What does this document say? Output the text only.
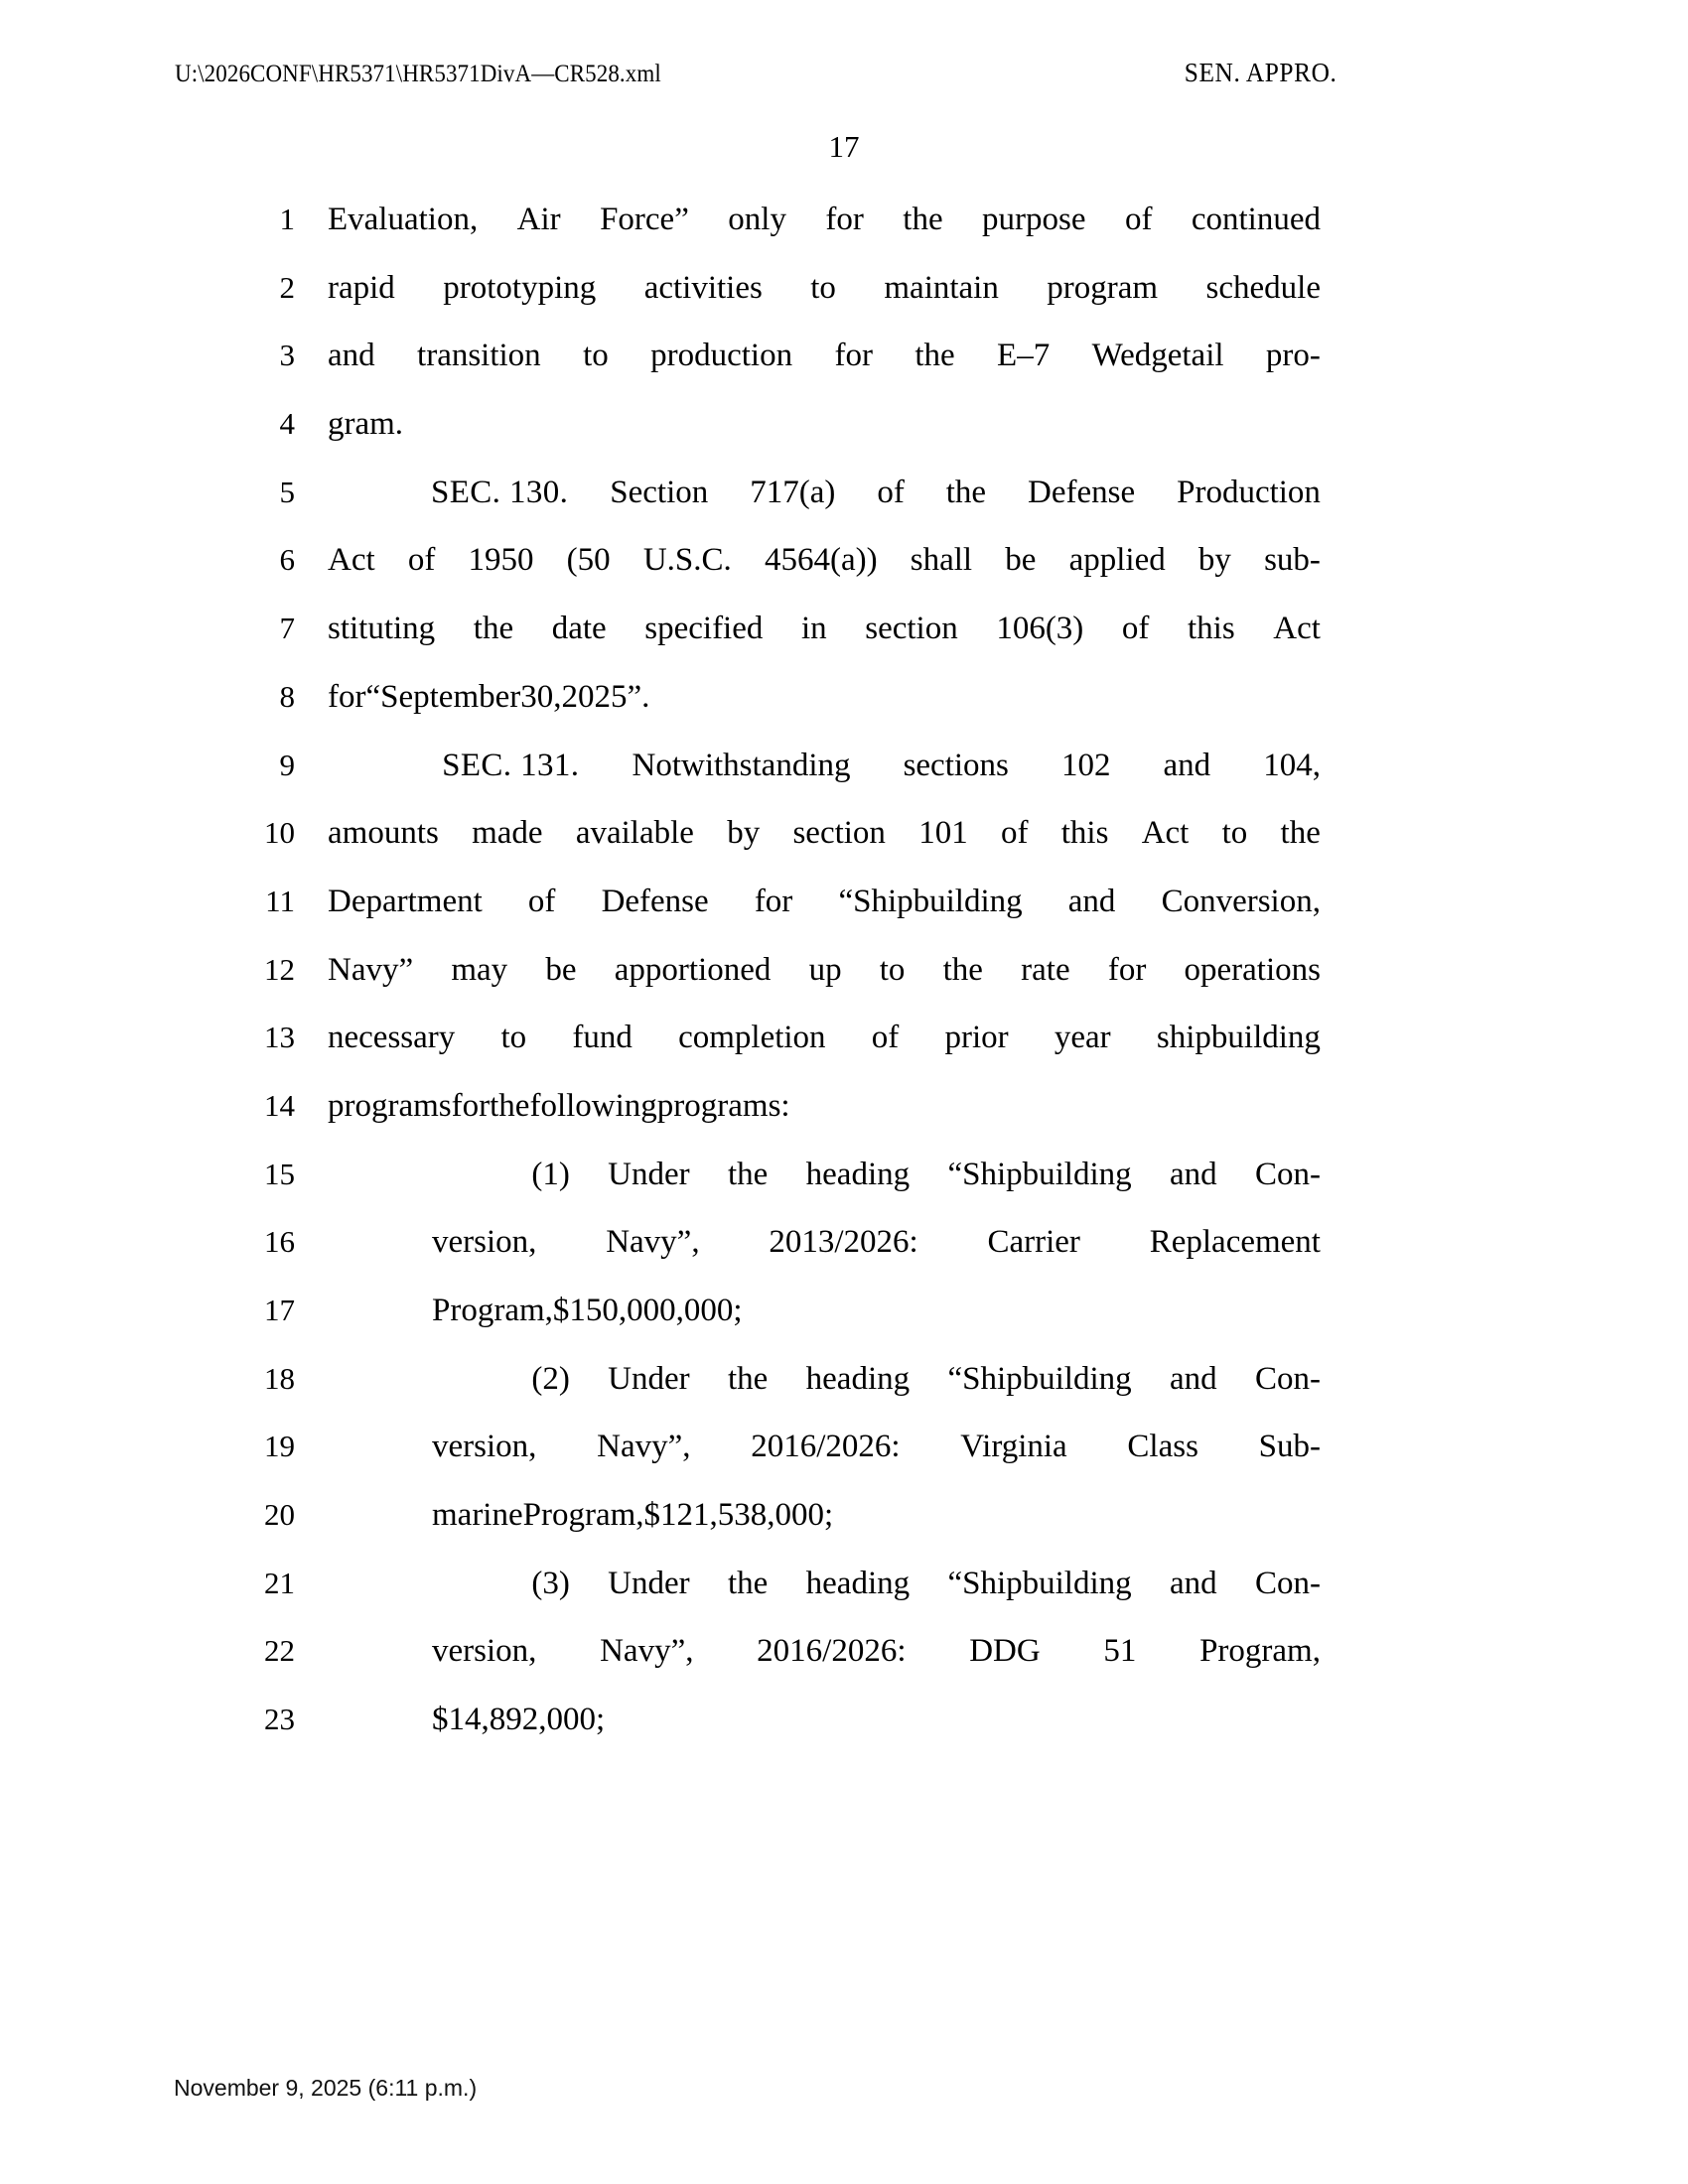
U:\2026CONF\HR5371\HR5371DivA—CR528.xml	SEN. APPRO.
17
1 Evaluation, Air Force” only for the purpose of continued
2 rapid prototyping activities to maintain program schedule
3 and transition to production for the E–7 Wedgetail pro-
4 gram.
5	SEC. 130. Section 717(a) of the Defense Production
6 Act of 1950 (50 U.S.C. 4564(a)) shall be applied by sub-
7 stituting the date specified in section 106(3) of this Act
8 for “September 30, 2025”.
9	SEC. 131. Notwithstanding sections 102 and 104,
10 amounts made available by section 101 of this Act to the
11 Department of Defense for “Shipbuilding and Conversion,
12 Navy” may be apportioned up to the rate for operations
13 necessary to fund completion of prior year shipbuilding
14 programs for the following programs:
15	(1) Under the heading “Shipbuilding and Con-
16	version, Navy”, 2013/2026: Carrier Replacement
17	Program, $150,000,000;
18	(2) Under the heading “Shipbuilding and Con-
19	version, Navy”, 2016/2026: Virginia Class Sub-
20	marine Program, $121,538,000;
21	(3) Under the heading “Shipbuilding and Con-
22	version, Navy”, 2016/2026: DDG 51 Program,
23	$14,892,000;
November 9, 2025 (6:11 p.m.)
